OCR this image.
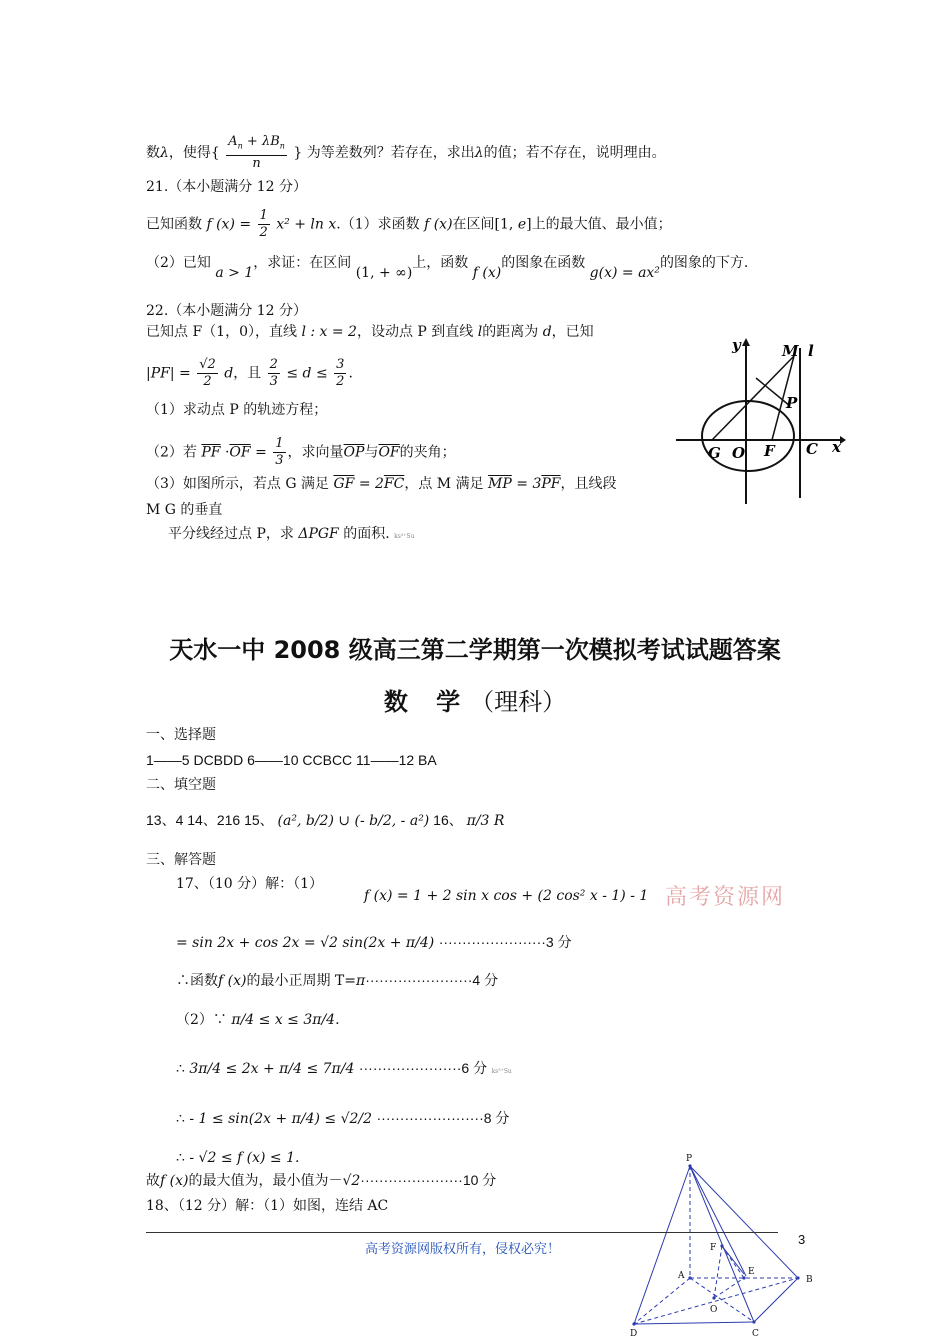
数λ，使得{ $\frac{A_n + \lambda B_n}{n}$ } 为等差数列？若存在，求出λ的值；若不存在，说明理由。
21.（本小题满分 12 分）
已知函数 f $(x) = \frac{1}{2} x^2 + \ln x.(1)$求函数 f (x)在区间[1, e]上的最大值、最小值；
（2）已知 a > 1，求证：在区间 (1, + ∞)上，函数 f (x)的图象在函数 g(x) = ax²的图象的下方.
22.（本小题满分 12 分）
已知点 F（1，0），直线 l : x = 2，设动点 P 到直线 l的距离为 d，已知
$|PF| = \frac{√2}{2}$ d，且 $\frac{2}{3} \le d \le \frac{3}{2}$ .
（1）求动点 P 的轨迹方程；
（2）若 $\overline{PF} \cdot\overline{OF} = \frac{1}{3}$ ，求向量$\overline{OP}$与$\overline{OF}$的夹角；
（3）如图所示，若点 G 满足 $\overline{GF} = 2\overline{FC}$，点 M 满足 $\overline{MP} = 3\overline{PF}$，且线段
M G 的垂直
平分线经过点 P，求 ΔPGF 的面积. ks⁵⁺Su
y	M l
P
G O F C x
天水一中 2008 级高三第二学期第一次模拟考试试题答案
数 学（理科）
一、选择题
1——5 DCBDD 6——10 CCBCC 11——12 BA
二、填空题
13、4 14、216 15、 (a², b/2) ∪ (- b/2, - a²) 16、 π/3 R
三、解答题
17、（10 分）解：（1）
f (x) = 1 + 2 sin x cos + (2 cos² x - 1) - 1 高考资源网
= sin 2x + cos 2x = √2 sin(2x + π/4) ·······················3 分
∴函数f (x)的最小正周期 T=π·······················4 分
（2）∵ π/4 ≤ x ≤ 3π/4.
∴ 3π/4 ≤ 2x + π/4 ≤ 7π/4 ······················6 分 ks⁵⁺Su
∴ - 1 ≤ sin(2x + π/4) ≤ √2/2 ·······················8 分
∴ - √2 ≤ f (x) ≤ 1.
故f (x)的最大值为，最小值为－√2······················10 分
18、（12 分）解：（1）如图，连结 AC
P
F
A	E
B
O
D	C
3
高考资源网版权所有，侵权必究！
